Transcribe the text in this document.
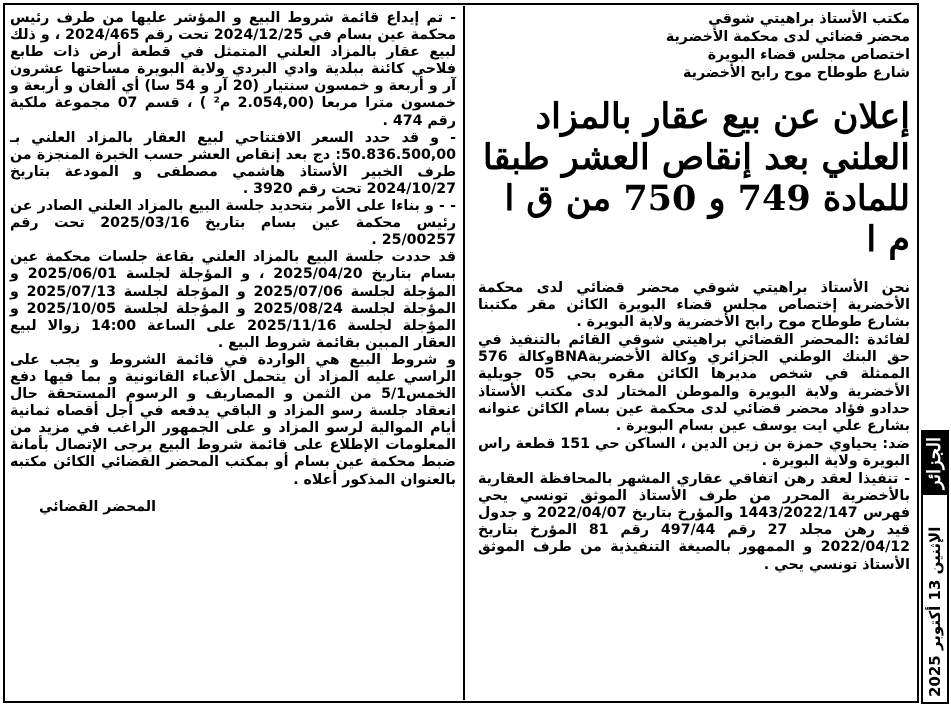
مكتب الأستاذ براهيتي شوقي
محضر قضائي لدى محكمة الأخضرية
اختصاص مجلس قضاء البويرة
شارع طوطاح موح رابح الأخضرية
إعلان عن بيع عقار بالمزاد العلني بعد إنقاص العشر طبقا للمادة 749 و 750 من ق ا م ا

نحن الأستاذ براهيتي شوقي محضر قضائي لدى محكمة الأخضرية إختصاص مجلس قضاء البويرة الكائن مقر مكتبنا بشارع طوطاح موح رابح الأخضرية ولاية البويرة .

لفائدة :المحضر القضائي براهيتي شوقي القائم بالتنفيذ في حق البنك الوطني الجزائري وكالة الأخضريةBNAوكالة 576 الممثلة في شخص مديرها الكائن مقره بحي 05 جويلية الأخضرية ولاية البويرة والموطن المختار لدى مكتب الأستاذ حدادو فؤاد محضر قضائي لدى محكمة عين بسام الكائن عنوانه بشارع علي ايت يوسف عين بسام البويرة .

ضد: يحياوي حمزة بن زين الدين ، الساكن حي 151 قطعة راس البويرة ولاية البويرة .

- تنفيذا لعقد رهن اتفاقي عقاري المشهر بالمحافظة العقارية بالأخضرية المحرر من طرف الأستاذ الموثق تونسي يحي فهرس 1443/2022/147 والمؤرخ بتاريخ 2022/04/07 و جدول قيد رهن مجلد 27 رقم 497/44 رقم 81 المؤرخ بتاريخ 2022/04/12 و الممهور بالصيغة التنفيذية من طرف الموثق الأستاذ تونسي يحي .

- تم إيداع قائمة شروط البيع و المؤشر عليها من طرف رئيس محكمة عين بسام في 2024/12/25 تحت رقم 2024/465 ، و ذلك لبيع عقار بالمزاد العلني المتمثل في قطعة أرض ذات طابع فلاحي كائنة ببلدية وادي البردي ولاية البويرة مساحتها عشرون آر و أربعة و خمسون سنتيار (20 آر و 54 سا) أي ألفان و أربعة و خمسون مترا مربعا (2.054,00 م² ) ، قسم 07 مجموعة ملكية رقم 474 .

- و قد حدد السعر الافتتاحي لبيع العقار بالمزاد العلني بـ 50.836.500,00: دج بعد إنقاص العشر حسب الخبرة المنجزة من طرف الخبير الأستاذ هاشمي مصطفى و المودعة بتاريخ 2024/10/27 تحت رقم 3920 .

- - و بناءا على الأمر بتحديد جلسة البيع بالمزاد العلني الصادر عن رئيس محكمة عين بسام بتاريخ 2025/03/16 تحت رقم 25/00257 .

قد حددت جلسة البيع بالمزاد العلني بقاعة جلسات محكمة عين بسام بتاريخ 2025/04/20 ، و المؤجلة لجلسة 2025/06/01 و المؤجلة لجلسة 2025/07/06 و المؤجلة لجلسة 2025/07/13 و المؤجلة لجلسة 2025/08/24 و المؤجلة لجلسة 2025/10/05 و المؤجلة لجلسة 2025/11/16 على الساعة 14:00 زوالا لبيع العقار المبين بقائمة شروط البيع .

و شروط البيع هي الواردة في قائمة الشروط و يجب على الراسي عليه المزاد أن يتحمل الأعباء القانونية و بما فيها دفع الخمس5/1 من الثمن و المصاريف و الرسوم المستحقة حال انعقاد جلسة رسو المزاد و الباقي يدفعه في أجل أقصاه ثمانية أيام الموالية لرسو المزاد و على الجمهور الراغب في مزيد من المعلومات الإطلاع على قائمة شروط البيع يرجى الإتصال بأمانة ضبط محكمة عين بسام أو بمكتب المحضر القضائي الكائن مكتبه بالعنوان المذكور أعلاه .

المحضر القضائي
الإثنين 13 أكتوبر 2025
الجزائر
